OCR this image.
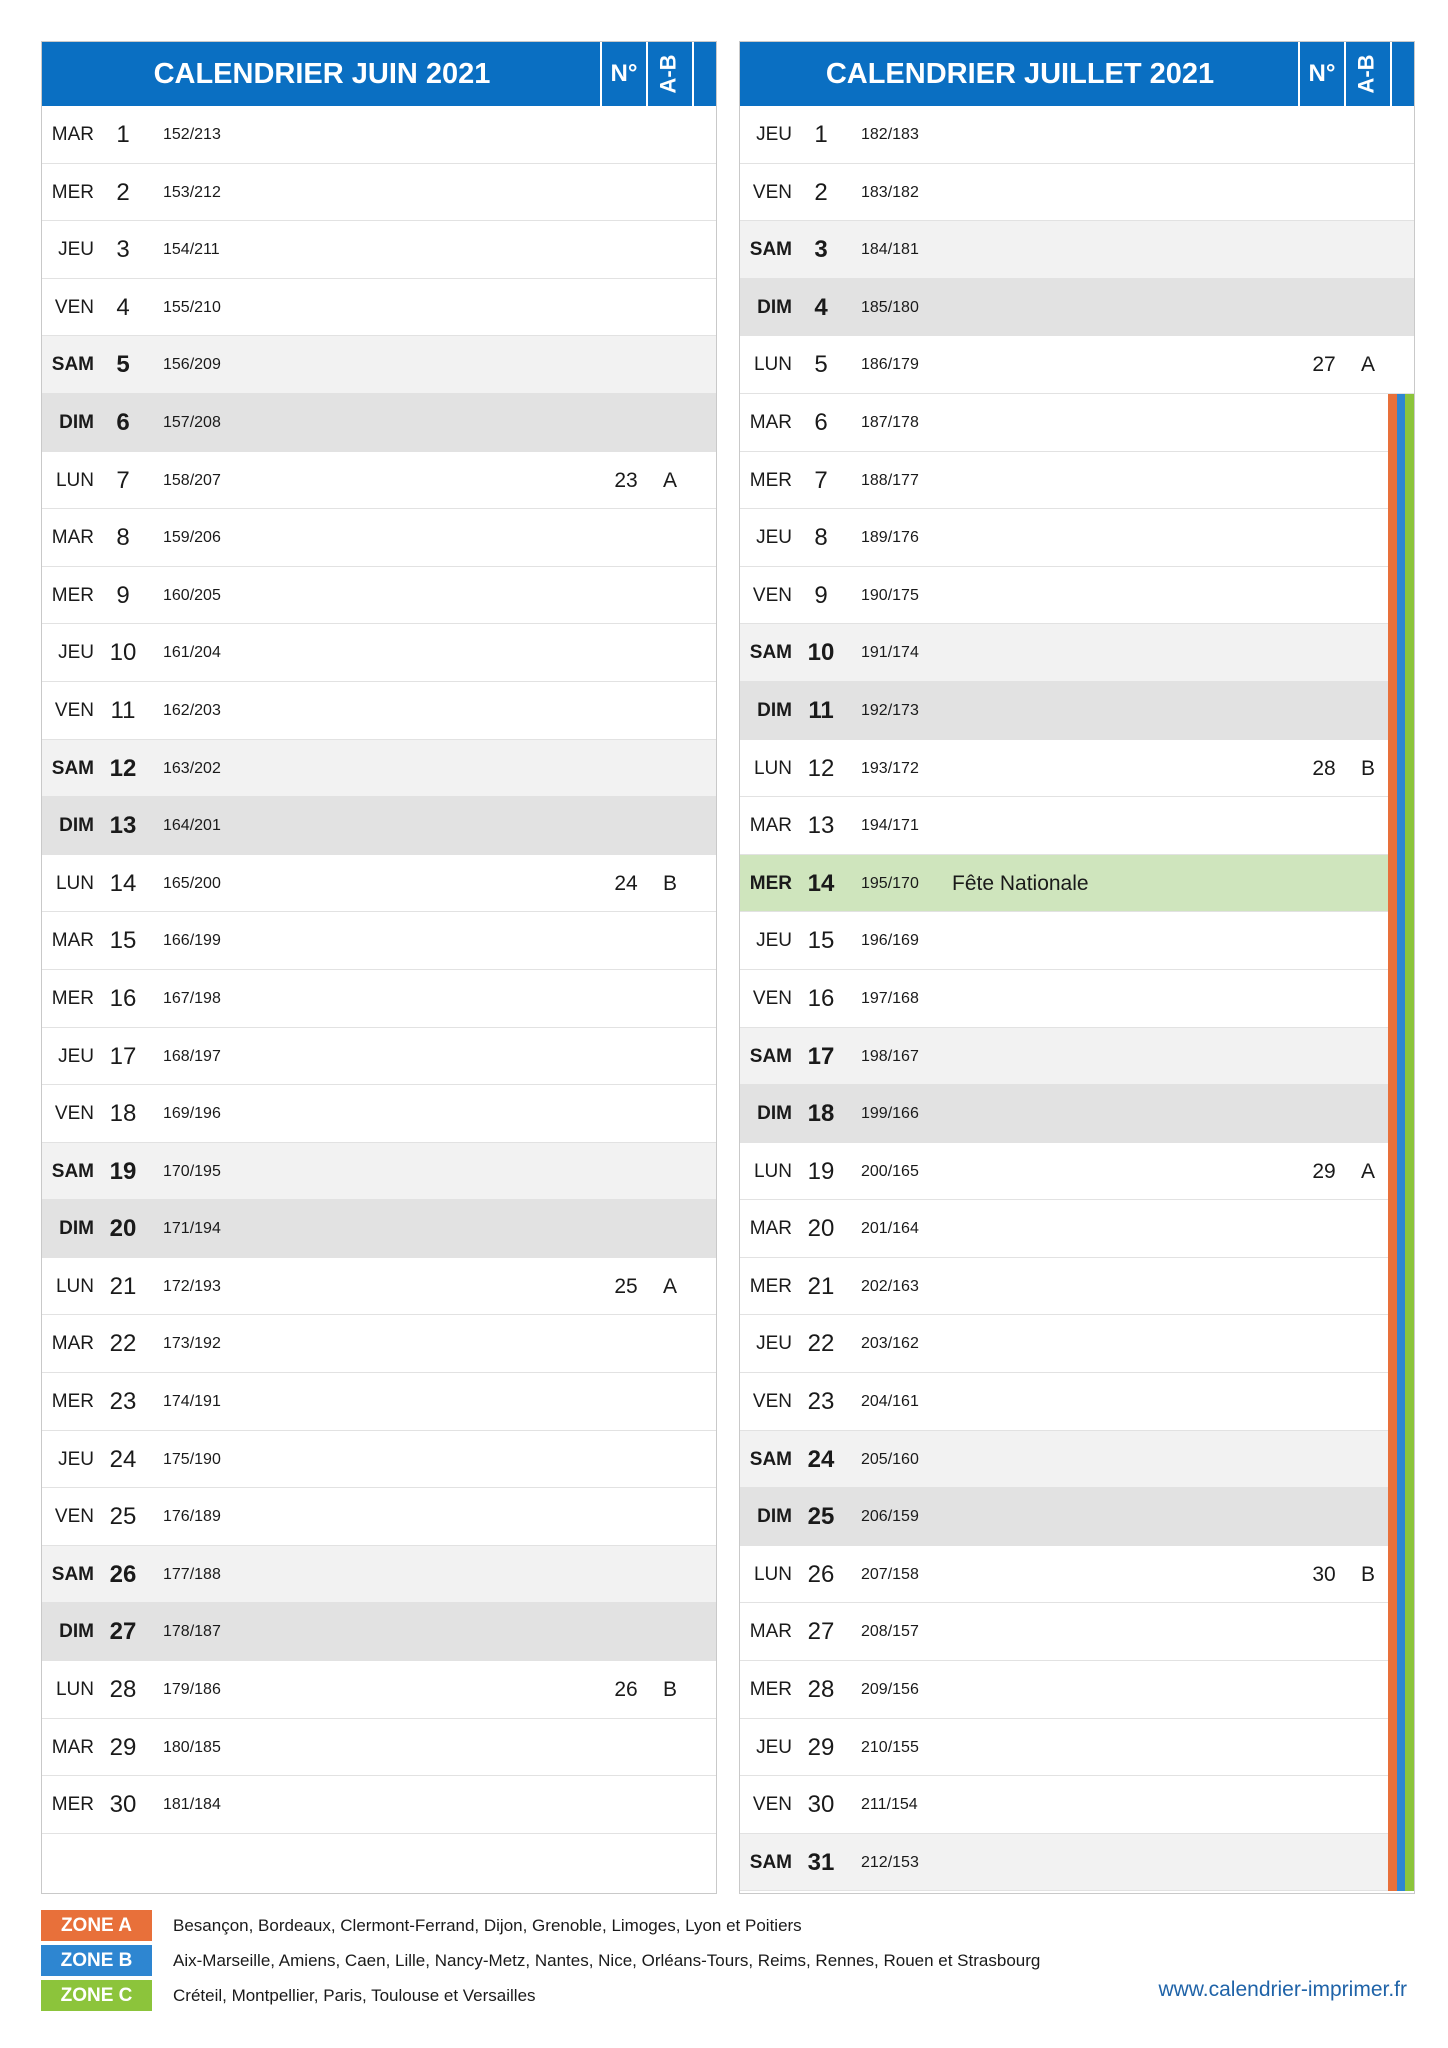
CALENDRIER JUIN 2021	N° A-B
MAR 1	152/213
MER 2	153/212
JEU 3	154/211
VEN 4	155/210
SAM 5	156/209
DIM 6	157/208
LUN 7	158/207	23	A
MAR 8	159/206
MER 9	160/205
JEU 10	161/204
VEN 11	162/203
SAM 12	163/202
DIM 13	164/201
LUN 14	165/200	24	B
MAR 15	166/199
MER 16	167/198
JEU 17	168/197
VEN 18	169/196
SAM 19	170/195
DIM 20	171/194
LUN 21	172/193	25	A
MAR 22	173/192
MER 23	174/191
JEU 24	175/190
VEN 25	176/189
SAM 26	177/188
DIM 27	178/187
LUN 28	179/186	26	B
MAR 29	180/185
MER 30	181/184
CALENDRIER JUILLET 2021	N° A-B
JEU 1	182/183
VEN 2	183/182
SAM 3	184/181
DIM 4	185/180
LUN 5	186/179	27	A
MAR 6	187/178
MER 7	188/177
JEU 8	189/176
VEN 9	190/175
SAM 10	191/174
DIM 11	192/173
LUN 12	193/172	28	B
MAR 13	194/171
MER 14	195/170 Fête Nationale
JEU 15	196/169
VEN 16	197/168
SAM 17	198/167
DIM 18	199/166
LUN 19	200/165	29	A
MAR 20	201/164
MER 21	202/163
JEU 22	203/162
VEN 23	204/161
SAM 24	205/160
DIM 25	206/159
LUN 26	207/158	30	B
MAR 27	208/157
MER 28	209/156
JEU 29	210/155
VEN 30	211/154
SAM 31	212/153
ZONE A	Besançon, Bordeaux, Clermont-Ferrand, Dijon, Grenoble, Limoges, Lyon et Poitiers
ZONE B	Aix-Marseille, Amiens, Caen, Lille, Nancy-Metz, Nantes, Nice, Orléans-Tours, Reims, Rennes, Rouen et Strasbourg
ZONE C	Créteil, Montpellier, Paris, Toulouse et Versailles	www.calendrier-imprimer.fr
